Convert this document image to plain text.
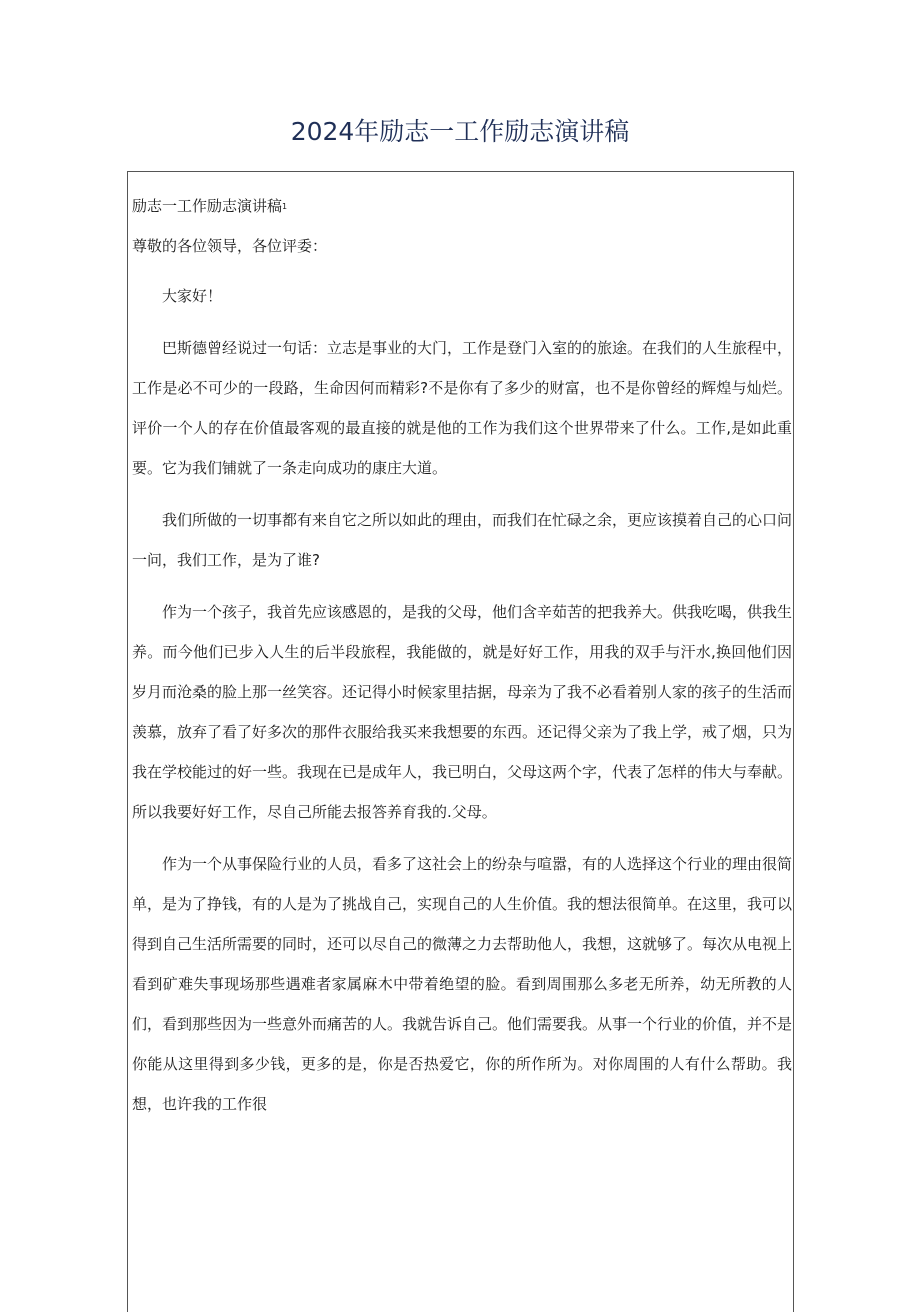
2024年励志一工作励志演讲稿
励志一工作励志演讲稿$^1$
尊敬的各位领导，各位评委：

大家好！

巴斯德曾经说过一句话：立志是事业的大门，工作是登门入室的的旅途。在我们的人生旅程中，工作是必不可少的一段路，生命因何而精彩?不是你有了多少的财富，也不是你曾经的辉煌与灿烂。评价一个人的存在价值最客观的最直接的就是他的工作为我们这个世界带来了什么。工作,是如此重要。它为我们铺就了一条走向成功的康庄大道。

我们所做的一切事都有来自它之所以如此的理由，而我们在忙碌之余，更应该摸着自己的心口问一问，我们工作，是为了谁?

作为一个孩子，我首先应该感恩的，是我的父母，他们含辛茹苦的把我养大。供我吃喝，供我生养。而今他们已步入人生的后半段旅程，我能做的，就是好好工作，用我的双手与汗水,换回他们因岁月而沧桑的脸上那一丝笑容。还记得小时候家里拮据，母亲为了我不必看着别人家的孩子的生活而羡慕，放弃了看了好多次的那件衣服给我买来我想要的东西。还记得父亲为了我上学，戒了烟，只为我在学校能过的好一些。我现在已是成年人，我已明白，父母这两个字，代表了怎样的伟大与奉献。所以我要好好工作，尽自己所能去报答养育我的.父母。

作为一个从事保险行业的人员，看多了这社会上的纷杂与喧嚣，有的人选择这个行业的理由很简单，是为了挣钱，有的人是为了挑战自己，实现自己的人生价值。我的想法很简单。在这里，我可以得到自己生活所需要的同时，还可以尽自己的微薄之力去帮助他人，我想，这就够了。每次从电视上看到矿难失事现场那些遇难者家属麻木中带着绝望的脸。看到周围那么多老无所养，幼无所教的人们，看到那些因为一些意外而痛苦的人。我就告诉自己。他们需要我。从事一个行业的价值，并不是你能从这里得到多少钱，更多的是，你是否热爱它，你的所作所为。对你周围的人有什么帮助。我想，也许我的工作很
